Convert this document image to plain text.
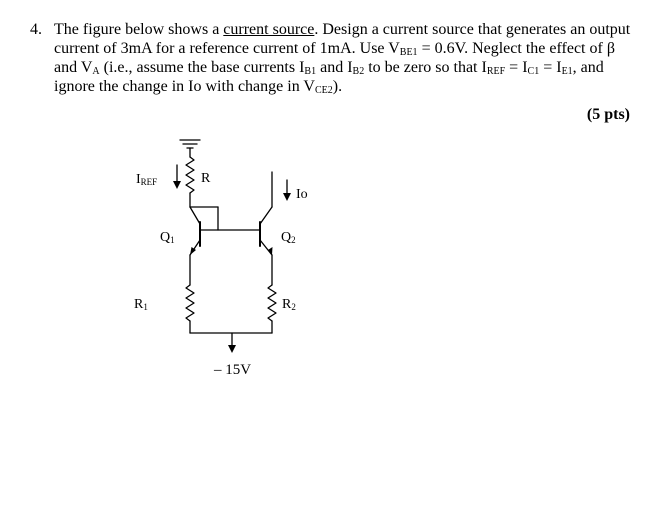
4. The figure below shows a current source. Design a current source that generates an output current of 3mA for a reference current of 1mA. Use $V_{BE1} = 0.6V$. Neglect the effect of β and $V_A$ (i.e., assume the base currents $I_{B1}$ and $I_{B2}$ to be zero so that $I_{REF} = I_{C1} = I_{E1}$, and ignore the change in Io with change in $V_{CE2}$).
(5 pts)
$I_{REF}$	R
Io
$Q_1$	$Q_2$
$R_1$	$R_2$
– 15V
